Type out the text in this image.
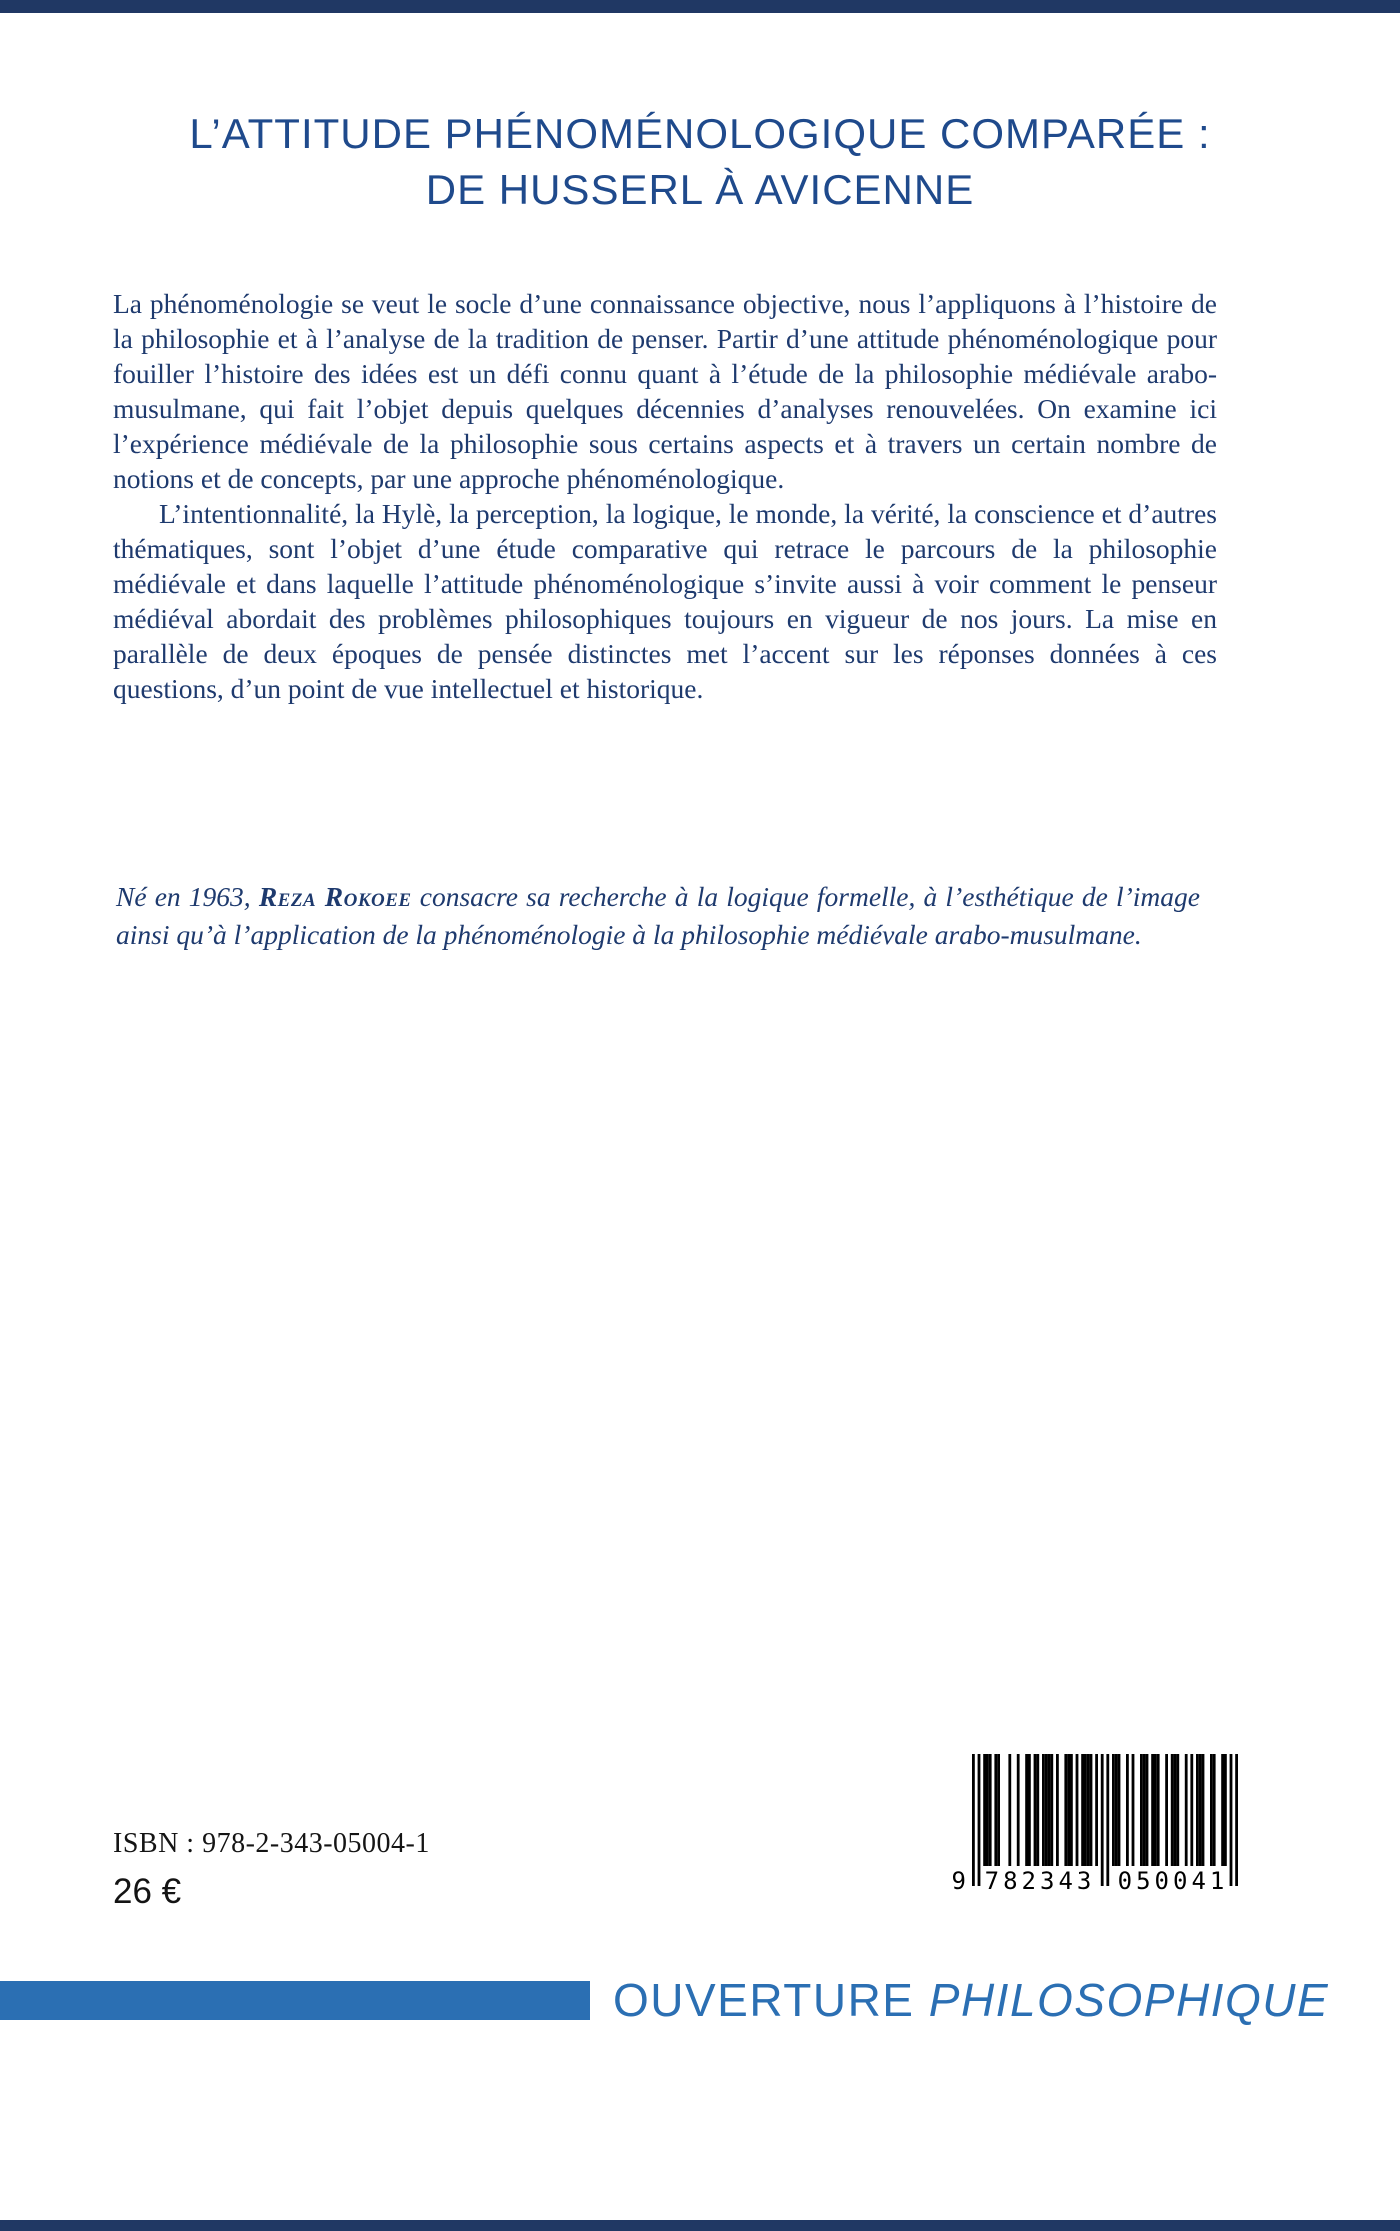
L’ATTITUDE PHÉNOMÉNOLOGIQUE COMPARÉE :
DE HUSSERL À AVICENNE

La phénoménologie se veut le socle d’une connaissance objective, nous l’appliquons à l’histoire de la philosophie et à l’analyse de la tradition de penser. Partir d’une attitude phénoménologique pour fouiller l’histoire des idées est un défi connu quant à l’étude de la philosophie médiévale arabo-musulmane, qui fait l’objet depuis quelques décennies d’analyses renouvelées. On examine ici l’expérience médiévale de la philosophie sous certains aspects et à travers un certain nombre de notions et de concepts, par une approche phénoménologique.

L’intentionnalité, la Hylè, la perception, la logique, le monde, la vérité, la conscience et d’autres thématiques, sont l’objet d’une étude comparative qui retrace le parcours de la philosophie médiévale et dans laquelle l’attitude phénoménologique s’invite aussi à voir comment le penseur médiéval abordait des problèmes philosophiques toujours en vigueur de nos jours. La mise en parallèle de deux époques de pensée distinctes met l’accent sur les réponses données à ces questions, d’un point de vue intellectuel et historique.

Né en 1963, Reza Rokoee consacre sa recherche à la logique formelle, à l’esthétique de l’image ainsi qu’à l’application de la phénoménologie à la philosophie médiévale arabo-musulmane.

ISBN : 978-2-343-05004-1
26 €	9 782343 050041
OUVERTURE PHILOSOPHIQUE
